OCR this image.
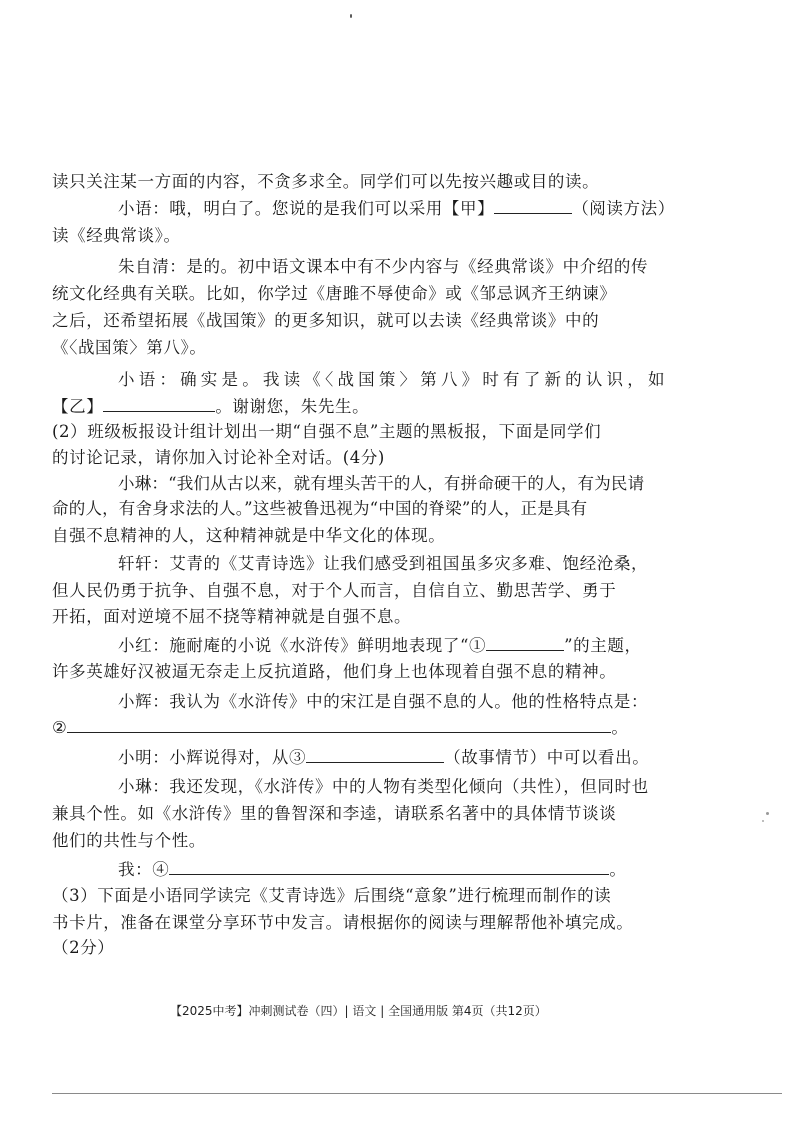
读只关注某一方面的内容，不贪多求全。同学们可以先按兴趣或目的读。
小语：哦，明白了。您说的是我们可以采用【甲】	（阅读方法）
读《经典常谈》。
朱自清：是的。初中语文课本中有不少内容与《经典常谈》中介绍的传
统文化经典有关联。比如，你学过《唐雎不辱使命》或《邹忌讽齐王纳谏》
之后，还希望拓展《战国策》的更多知识，就可以去读《经典常谈》中的
《〈战国策〉第八》。
小语：确实是。我读《〈战国策〉第八》时有了新的认识，如
【乙】	。谢谢您，朱先生。
(2）班级板报设计组计划出一期“自强不息”主题的黑板报，下面是同学们
的讨论记录，请你加入讨论补全对话。(4分)
小琳：“我们从古以来，就有埋头苦干的人，有拼命硬干的人，有为民请
命的人，有舍身求法的人。”这些被鲁迅视为“中国的脊梁”的人，正是具有
自强不息精神的人，这种精神就是中华文化的体现。
轩轩：艾青的《艾青诗选》让我们感受到祖国虽多灾多难、饱经沧桑，
但人民仍勇于抗争、自强不息，对于个人而言，自信自立、勤思苦学、勇于
开拓，面对逆境不屈不挠等精神就是自强不息。
小红：施耐庵的小说《水浒传》鲜明地表现了“①	”的主题，
许多英雄好汉被逼无奈走上反抗道路，他们身上也体现着自强不息的精神。
小辉：我认为《水浒传》中的宋江是自强不息的人。他的性格特点是：
②	。
小明：小辉说得对，从③	（故事情节）中可以看出。
小琳：我还发现，《水浒传》中的人物有类型化倾向（共性），但同时也
兼具个性。如《水浒传》里的鲁智深和李逵，请联系名著中的具体情节谈谈
他们的共性与个性。
我：④	。
（3）下面是小语同学读完《艾青诗选》后围绕“意象”进行梳理而制作的读
书卡片，准备在课堂分享环节中发言。请根据你的阅读与理解帮他补填完成。
（2分）
【2025中考】冲刺测试卷（四）| 语文 | 全国通用版 第4页（共12页）
